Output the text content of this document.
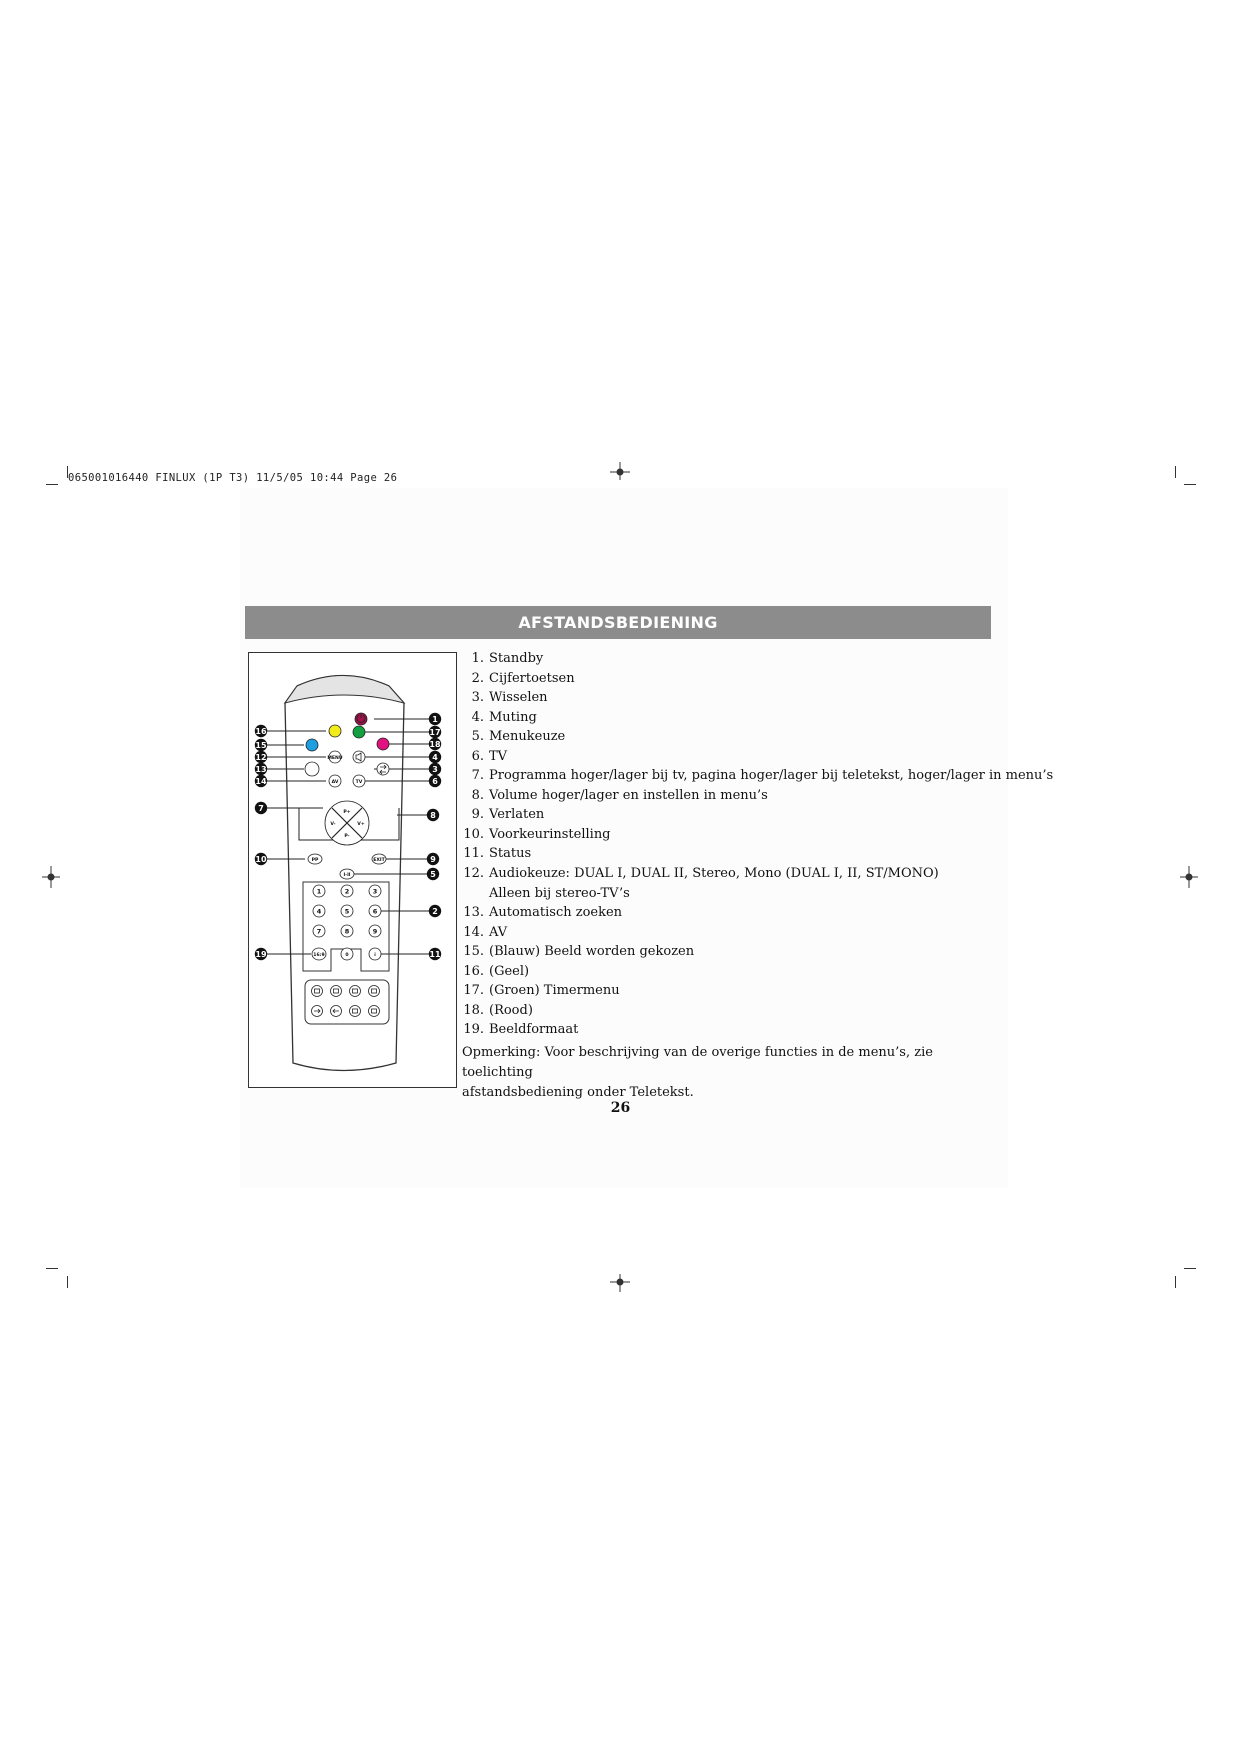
065001016440 FINLUX (1P T3) 11/5/05 10:44 Page 26
AFSTANDSBEDIENING
MENU
AV	TV
P+
P-
V-	V+
PP	EXIT
I-II
16:9	0	i
1	2	3
4	5	6
7	8	9
16
15
12
13
14
7
10
19
1
17
18
4
3
6
8
9
5
2
11
1. Standby
2. Cijfertoetsen
3. Wisselen
4. Muting
5. Menukeuze
6. TV
7. Programma hoger/lager bij tv, pagina hoger/lager bij teletekst, hoger/lager in menu’s
8. Volume hoger/lager en instellen in menu’s
9. Verlaten
10. Voorkeurinstelling
11. Status
12. Audiokeuze: DUAL I, DUAL II, Stereo, Mono (DUAL I, II, ST/MONO)
Alleen bij stereo-TV’s
13. Automatisch zoeken
14. AV
15. (Blauw) Beeld worden gekozen
16. (Geel)
17. (Groen) Timermenu
18. (Rood)
19. Beeldformaat
Opmerking: Voor beschrijving van de overige functies in de menu’s, zie toelichting
afstandsbediening onder Teletekst.
26
